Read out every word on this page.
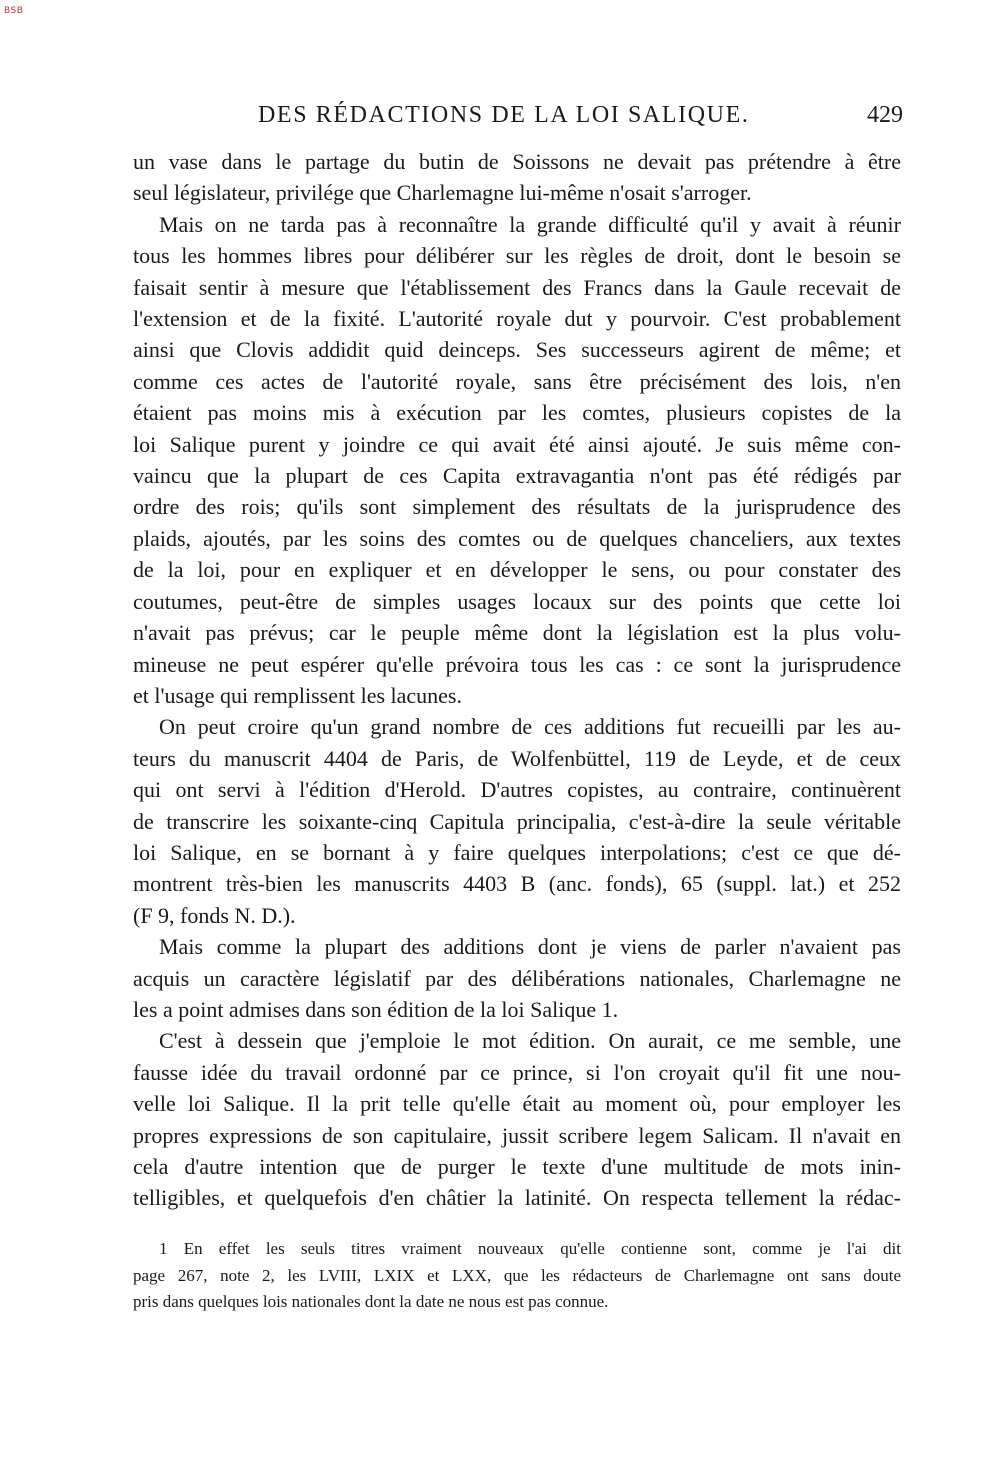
BSB
DES RÉDACTIONS DE LA LOI SALIQUE.	429

un vase dans le partage du butin de Soissons ne devait pas prétendre à être
seul législateur, privilége que Charlemagne lui-même n'osait s'arroger.

Mais on ne tarda pas à reconnaître la grande difficulté qu'il y avait à réunir
tous les hommes libres pour délibérer sur les règles de droit, dont le besoin se
faisait sentir à mesure que l'établissement des Francs dans la Gaule recevait de
l'extension et de la fixité. L'autorité royale dut y pourvoir. C'est probablement
ainsi que Clovis addidit quid deinceps. Ses successeurs agirent de même; et
comme ces actes de l'autorité royale, sans être précisément des lois, n'en
étaient pas moins mis à exécution par les comtes, plusieurs copistes de la
loi Salique purent y joindre ce qui avait été ainsi ajouté. Je suis même con-
vaincu que la plupart de ces Capita extravagantia n'ont pas été rédigés par
ordre des rois; qu'ils sont simplement des résultats de la jurisprudence des
plaids, ajoutés, par les soins des comtes ou de quelques chanceliers, aux textes
de la loi, pour en expliquer et en développer le sens, ou pour constater des
coutumes, peut-être de simples usages locaux sur des points que cette loi
n'avait pas prévus; car le peuple même dont la législation est la plus volu-
mineuse ne peut espérer qu'elle prévoira tous les cas : ce sont la jurisprudence
et l'usage qui remplissent les lacunes.

On peut croire qu'un grand nombre de ces additions fut recueilli par les au-
teurs du manuscrit 4404 de Paris, de Wolfenbüttel, 119 de Leyde, et de ceux
qui ont servi à l'édition d'Herold. D'autres copistes, au contraire, continuèrent
de transcrire les soixante-cinq Capitula principalia, c'est-à-dire la seule véritable
loi Salique, en se bornant à y faire quelques interpolations; c'est ce que dé-
montrent très-bien les manuscrits 4403 B (anc. fonds), 65 (suppl. lat.) et 252
(F 9, fonds N. D.).

Mais comme la plupart des additions dont je viens de parler n'avaient pas
acquis un caractère législatif par des délibérations nationales, Charlemagne ne
les a point admises dans son édition de la loi Salique 1.

C'est à dessein que j'emploie le mot édition. On aurait, ce me semble, une
fausse idée du travail ordonné par ce prince, si l'on croyait qu'il fit une nou-
velle loi Salique. Il la prit telle qu'elle était au moment où, pour employer les
propres expressions de son capitulaire, jussit scribere legem Salicam. Il n'avait en
cela d'autre intention que de purger le texte d'une multitude de mots inin-
telligibles, et quelquefois d'en châtier la latinité. On respecta tellement la rédac-

1 En effet les seuls titres vraiment nouveaux qu'elle contienne sont, comme je l'ai dit
page 267, note 2, les LVIII, LXIX et LXX, que les rédacteurs de Charlemagne ont sans doute
pris dans quelques lois nationales dont la date ne nous est pas connue.
